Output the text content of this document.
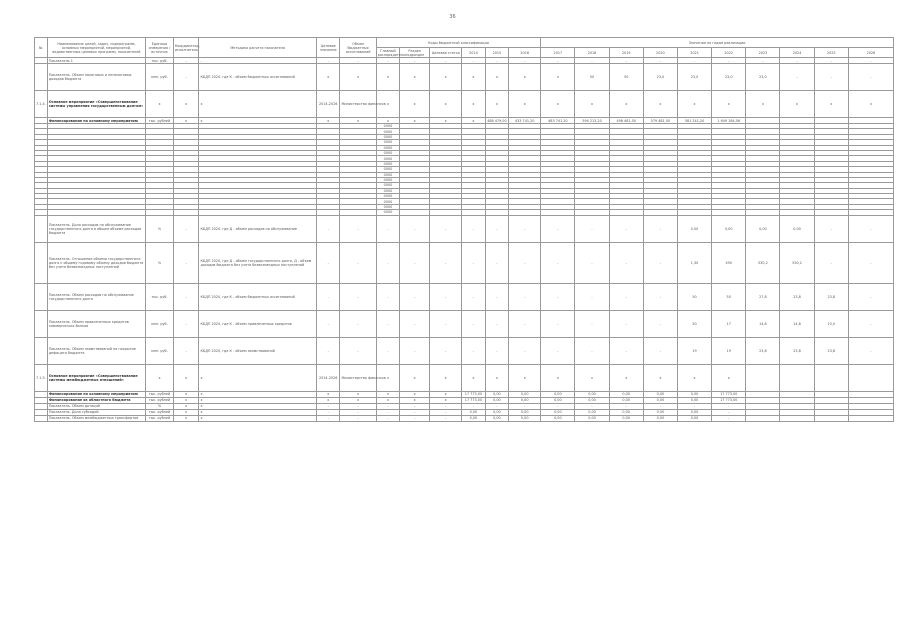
36
№	Наименование целей, задач, подпрограмм, основных мероприятий, мероприятий, ведомственных целевых программ, показателей	Единица измерения / источник	Координатор, исполнитель	Методика расчета показателя	Целевое значение	Объем бюджетных ассигнований	Коды бюджетной классификации						Значения по годам реализации									
							Главный распорядитель	Раздел подраздел	Целевая статья	2014	2015	2016	2017	2018	2019	2020	2021	2022	2023	2024	2025	2026
	Показатель 1	тыс. руб.	-	-	-	-	-	-	-	-	-	-	-	-	-	-	-	-	-	-	-	-
	Показатель. Объем налоговых и неналоговых доходов бюджета	млн. руб.	-	КБДП 2020, где К - объем бюджетных ассигнований	х	х	х	х	х	х	х	х	х	50	50	23,0	23,0	23,0	23,0	-	-	-
7.1.4.	Основное мероприятие «Совершенствование системы управления государственным долгом»	х	х	х	2014-2026	Министерство финансов	х	х	х	х	х	х	х	х	х	х	х	х	х	х	х	х
	Финансирование по основному мероприятию	тыс. рублей	х	х	х	х	х	х	х	х	488 479,00	433 741,20	483 741,20	594 213,20	498 481,50	579 481,50	581 241,20	1 649 184,56				
							0000															
							0000															
							0000															
							0000															
							0000															
							0000															
							0000															
							0000															
							0000															
							0000															
							0000															
							0000															
							0000															
							0000															
							0000															
							0000															
							0000															
	Показатель. Доля расходов на обслуживание государственного долга в общем объеме расходов бюджета	%	-	КБДП 2020, где Д - объем расходов на обслуживание	-	-	-	-	-	-	-	-	-	-	-	-	0,00	0,00	0,00	0,00	-	-
	Показатель. Отношение объема государственного долга к общему годовому объему доходов бюджета без учета безвозмездных поступлений	%	-	КБДП 2020, где Д - объем государственного долга, Д - объем доходов бюджета без учета безвозмездных поступлений	-	-	-	-	-	-	-	-	-	-	-	-	1,30	490	530,2	530,2	-	-
	Показатель. Объем расходов на обслуживание государственного долга	тыс. руб.	-	КБДП 2020, где К - объем бюджетных ассигнований	-	-	-	-	-	-	-	-	-	-	-	-	50	50	27,8	23,8	23,8	-
	Показатель. Объем привлеченных кредитов коммерческих банков	млн. руб.	-	КБДП 2020, где К - объем привлеченных кредитов	-	-	-	-	-	-	-	-	-	-	-	-	50	17	14,8	14,8	10,0	-
	Показатель. Объем заимствований на покрытие дефицита бюджета	млн. руб.	-	КБДП 2020, где К - объем заимствований	-	-	-	-	-	-	-	-	-	-	-	-	19	19	23,8	23,8	23,8	-
7.1.5.	Основное мероприятие «Совершенствование системы межбюджетных отношений»	х	х	х	2014-2026	Министерство финансов	х	х	х	х	х	х	х	х	х	х	х	х				
	Финансирование по основному мероприятию	тыс. рублей	х	х	х	х	х	х	х	17 773,00	0,00	0,00	0,00	0,00	0,00	0,00	0,00	17 773,00				
	Финансирование из областного бюджета	тыс. рублей	х	х	х	х	х	х	х	17 773,00	0,00	0,00	0,00	0,00	0,00	0,00	0,00	17 773,00				
	Показатель. Объем дотаций	%	х	х	-	-	-	-	-	-	-	-	-	-	-	-	-	-				
	Показатель. Доля субсидий	тыс. рублей	х	х	-	-	-	-	-	0,00	0,00	0,00	0,00	0,00	0,00	0,00	0,00	-				
	Показатель. Объем межбюджетных трансфертов	тыс. рублей	х	х	-	-	-	-	-	0,00	0,00	0,00	0,00	0,00	0,00	0,00	0,00	-				
